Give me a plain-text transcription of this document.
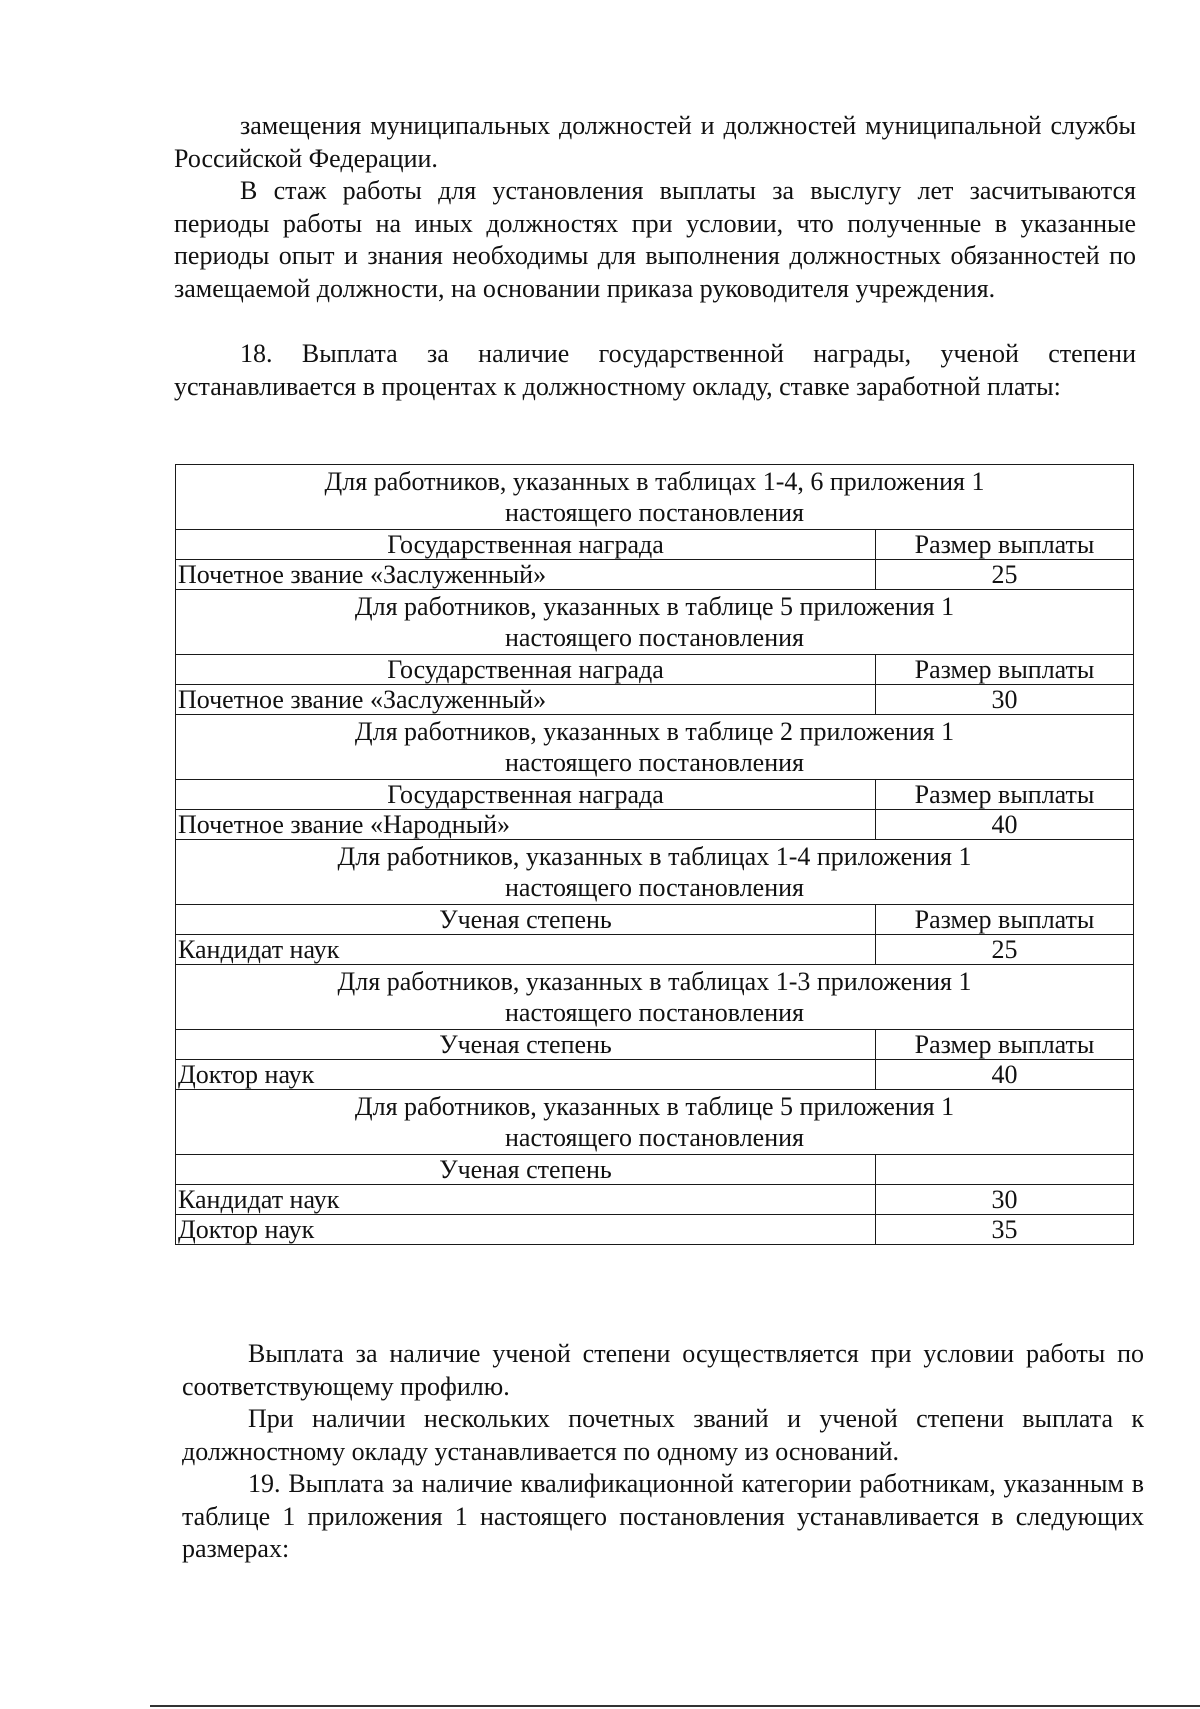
замещения муниципальных должностей и должностей муниципальной службы Российской Федерации.

В стаж работы для установления выплаты за выслугу лет засчитываются периоды работы на иных должностях при условии, что полученные в указанные периоды опыт и знания необходимы для выполнения должностных обязанностей по замещаемой должности, на основании приказа руководителя учреждения.

18. Выплата за наличие государственной награды, ученой степени устанавливается в процентах к должностному окладу, ставке заработной платы:

Для работников, указанных в таблицах 1-4, 6 приложения 1
настоящего постановления	
Государственная награда	Размер выплаты
Почетное звание «Заслуженный»	25
Для работников, указанных в таблице 5 приложения 1
настоящего постановления	
Государственная награда	Размер выплаты
Почетное звание «Заслуженный»	30
Для работников, указанных в таблице 2 приложения 1
настоящего постановления	
Государственная награда	Размер выплаты
Почетное звание «Народный»	40
Для работников, указанных в таблицах 1-4 приложения 1
настоящего постановления	
Ученая степень	Размер выплаты
Кандидат наук	25
Для работников, указанных в таблицах 1-3 приложения 1
настоящего постановления	
Ученая степень	Размер выплаты
Доктор наук	40
Для работников, указанных в таблице 5 приложения 1
настоящего постановления	
Ученая степень	
Кандидат наук	30
Доктор наук	35

Выплата за наличие ученой степени осуществляется при условии работы по соответствующему профилю.

При наличии нескольких почетных званий и ученой степени выплата к должностному окладу устанавливается по одному из оснований.

19. Выплата за наличие квалификационной категории работникам, указанным в таблице 1 приложения 1 настоящего постановления устанавливается в следующих размерах:
